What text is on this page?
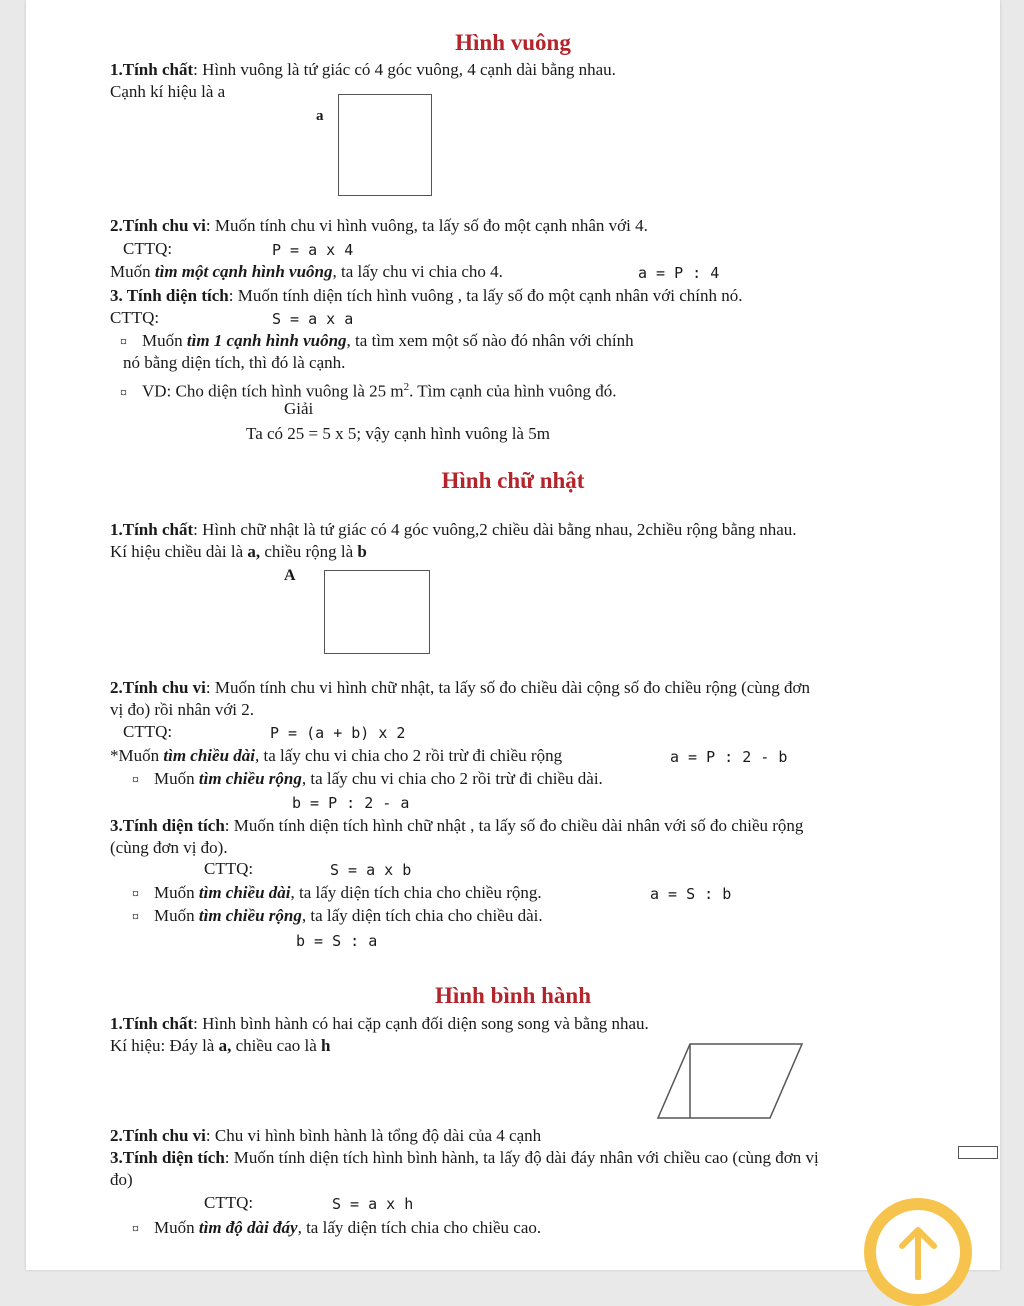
Hình vuông
1.Tính chất: Hình vuông là tứ giác có 4 góc vuông, 4 cạnh dài bằng nhau.
Cạnh kí hiệu là a
a
2.Tính chu vi: Muốn tính chu vi hình vuông, ta lấy số đo một cạnh nhân với 4.
CTTQ:	P = a x 4
Muốn tìm một cạnh hình vuông, ta lấy chu vi chia cho 4.	a = P : 4
3. Tính diện tích: Muốn tính diện tích hình vuông , ta lấy số đo một cạnh nhân với chính nó.
CTTQ:	S = a x a
¤ Muốn tìm 1 cạnh hình vuông, ta tìm xem một số nào đó nhân với chính
nó bằng diện tích, thì đó là cạnh.
¤ VD: Cho diện tích hình vuông là 25 $m^2$. Tìm cạnh của hình vuông đó.
Giải
Ta có 25 = 5 x 5; vậy cạnh hình vuông là 5m
Hình chữ nhật
1.Tính chất: Hình chữ nhật là tứ giác có 4 góc vuông,2 chiều dài bằng nhau, 2chiều rộng bằng nhau.
Kí hiệu chiều dài là a, chiều rộng là b
A
2.Tính chu vi: Muốn tính chu vi hình chữ nhật, ta lấy số đo chiều dài cộng số đo chiều rộng (cùng đơn
vị đo) rồi nhân với 2.
CTTQ:	P = (a + b) x 2
*Muốn tìm chiều dài, ta lấy chu vi chia cho 2 rồi trừ đi chiều rộng	a = P : 2 - b
¤ Muốn tìm chiều rộng, ta lấy chu vi chia cho 2 rồi trừ đi chiều dài.
b = P : 2 - a
3.Tính diện tích: Muốn tính diện tích hình chữ nhật , ta lấy số đo chiều dài nhân với số đo chiều rộng
(cùng đơn vị đo).
CTTQ:	S = a x b
¤ Muốn tìm chiều dài, ta lấy diện tích chia cho chiều rộng.	a = S : b
¤ Muốn tìm chiều rộng, ta lấy diện tích chia cho chiều dài.
b = S : a
Hình bình hành
1.Tính chất: Hình bình hành có hai cặp cạnh đối diện song song và bằng nhau.
Kí hiệu: Đáy là a, chiều cao là h
2.Tính chu vi: Chu vi hình bình hành là tổng độ dài của 4 cạnh
3.Tính diện tích: Muốn tính diện tích hình bình hành, ta lấy độ dài đáy nhân với chiều cao (cùng đơn vị
đo)
CTTQ:	S = a x h
¤ Muốn tìm độ dài đáy, ta lấy diện tích chia cho chiều cao.
